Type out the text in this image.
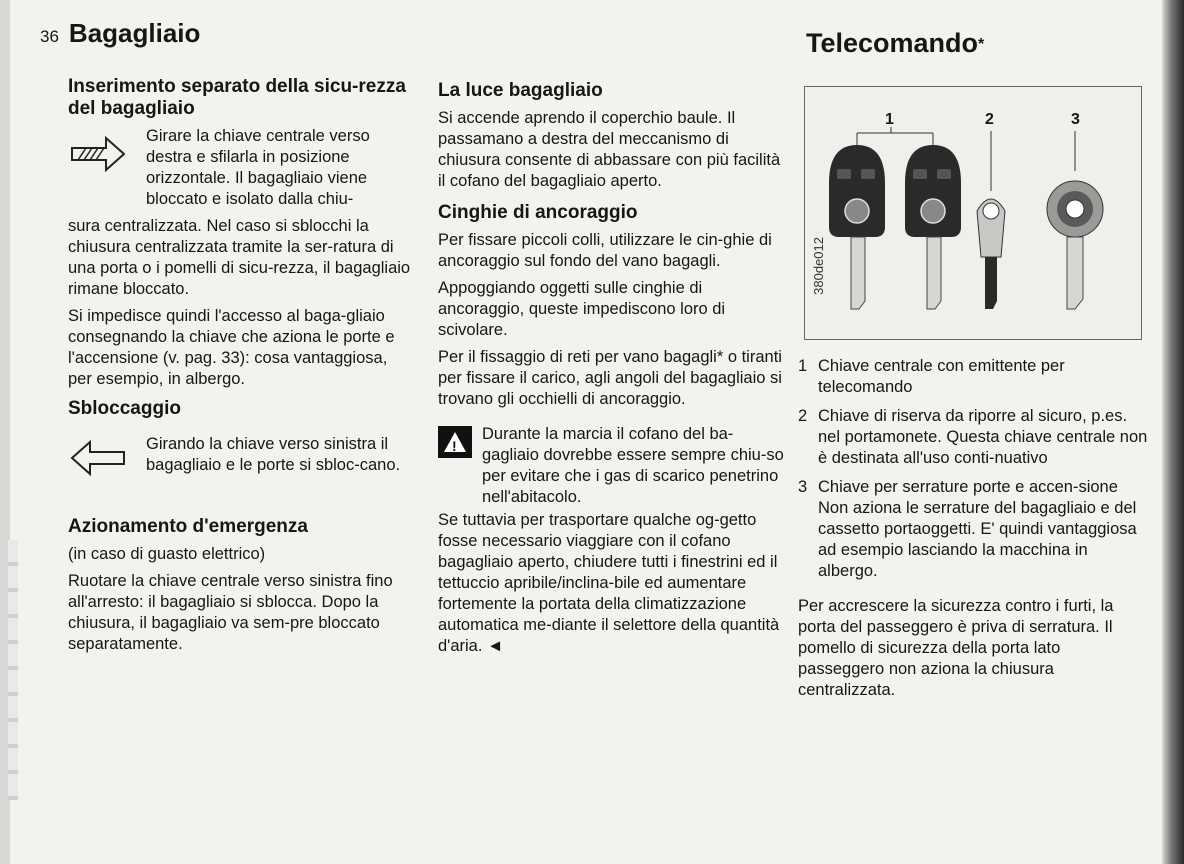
36 Bagagliaio
Inserimento separato della sicu-rezza del bagagliaio

Girare la chiave centrale verso destra e sfilarla in posizione orizzontale. Il bagagliaio viene bloccato e isolato dalla chiu-

sura centralizzata. Nel caso si sblocchi la chiusura centralizzata tramite la ser-ratura di una porta o i pomelli di sicu-rezza, il bagagliaio rimane bloccato.

Si impedisce quindi l'accesso al baga-gliaio consegnando la chiave che aziona le porte e l'accensione (v. pag. 33): cosa vantaggiosa, per esempio, in albergo.

Sbloccaggio

Girando la chiave verso sinistra il bagagliaio e le porte si sbloc-cano.

Azionamento d'emergenza

(in caso di guasto elettrico)

Ruotare la chiave centrale verso sinistra fino all'arresto: il bagagliaio si sblocca. Dopo la chiusura, il bagagliaio va sem-pre bloccato separatamente.

La luce bagagliaio

Si accende aprendo il coperchio baule. Il passamano a destra del meccanismo di chiusura consente di abbassare con più facilità il cofano del bagagliaio aperto.

Cinghie di ancoraggio

Per fissare piccoli colli, utilizzare le cin-ghie di ancoraggio sul fondo del vano bagagli.

Appoggiando oggetti sulle cinghie di ancoraggio, queste impediscono loro di scivolare.

Per il fissaggio di reti per vano bagagli* o tiranti per fissare il carico, agli angoli del bagagliaio si trovano gli occhielli di ancoraggio.

!

Durante la marcia il cofano del ba-gagliaio dovrebbe essere sempre chiu-so per evitare che i gas di scarico penetrino nell'abitacolo.

Se tuttavia per trasportare qualche og-getto fosse necessario viaggiare con il cofano bagagliaio aperto, chiudere tutti i finestrini ed il tettuccio apribile/inclina-bile ed aumentare fortemente la portata della climatizzazione automatica me-diante il selettore della quantità d'aria. ◄

Telecomando*
380de012
1	2	3
1 Chiave centrale con emittente per telecomando
2 Chiave di riserva da riporre al sicuro, p.es. nel portamonete. Questa chiave centrale non è destinata all'uso conti-nuativo
3 Chiave per serrature porte e accen-sione
Non aziona le serrature del bagagliaio e del cassetto portaoggetti. E' quindi vantaggiosa ad esempio lasciando la macchina in albergo.

Per accrescere la sicurezza contro i furti, la porta del passeggero è priva di serratura. Il pomello di sicurezza della porta lato passeggero non aziona la chiusura centralizzata.
